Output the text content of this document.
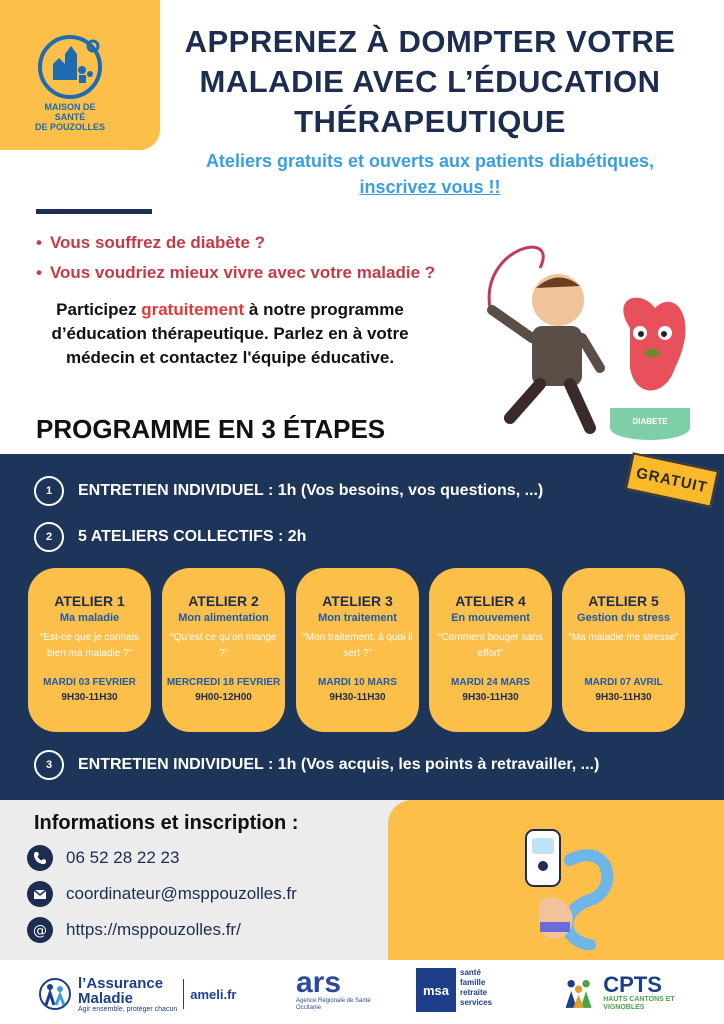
MAISON DE SANTÉ
DE POUZOLLES
APPRENEZ À DOMPTER VOTRE MALADIE AVEC L’ÉDUCATION THÉRAPEUTIQUE
Ateliers gratuits et ouverts aux patients diabétiques,
inscrivez vous !!
• Vous souffrez de diabète ?
• Vous voudriez mieux vivre avec votre maladie ?

Participez gratuitement à notre programme d’éducation thérapeutique. Parlez en à votre médecin et contactez l'équipe éducative.

DIABETE
PROGRAMME EN 3 ÉTAPES
GRATUIT
1	ENTRETIEN INDIVIDUEL : 1h (Vos besoins, vos questions, ...)
2	5 ATELIERS COLLECTIFS : 2h
ATELIER 1
Ma maladie
“Est-ce que je connais bien ma maladie ?”
MARDI 03 FEVRIER
9H30-11H30
ATELIER 2
Mon alimentation
“Qu’est ce qu’on mange ?”
MERCREDI 18 FEVRIER
9H00-12H00
ATELIER 3
Mon traitement
“Mon traitement, à quoi il sert ?”
MARDI 10 MARS
9H30-11H30
ATELIER 4
En mouvement
“Comment bouger sans effort”
MARDI 24 MARS
9H30-11H30
ATELIER 5
Gestion du stress
“Ma maladie me stresse”
MARDI 07 AVRIL
9H30-11H30
3	ENTRETIEN INDIVIDUEL : 1h (Vos acquis, les points à retravailler, ...)
Informations et inscription :
06 52 28 22 23
coordinateur@msppouzolles.fr
@ https://msppouzolles.fr/
l’Assurance
Maladie
Agir ensemble, protéger chacun
ameli.fr ars
Agence Régionale de Santé
Occitanie
msa
santé
famille
retraite
services
CPTS
HAUTS CANTONS ET VIGNOBLES
